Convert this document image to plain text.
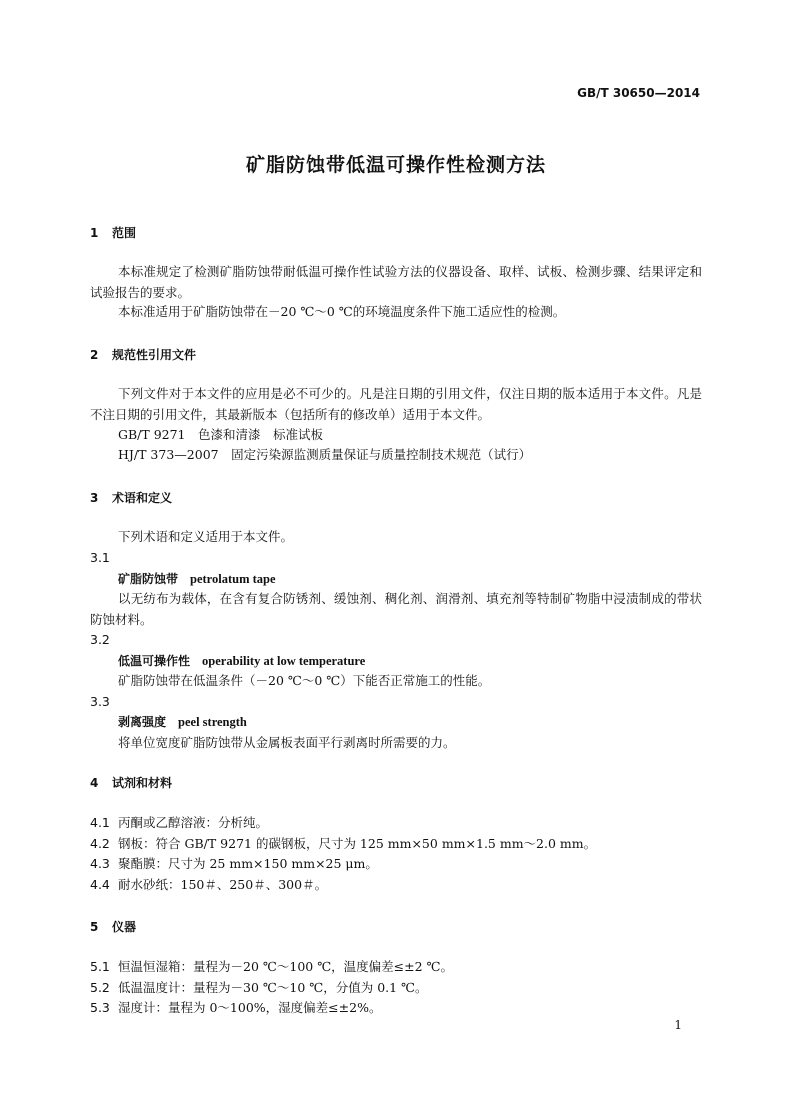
GB/T 30650—2014
矿脂防蚀带低温可操作性检测方法
1 范围
本标准规定了检测矿脂防蚀带耐低温可操作性试验方法的仪器设备、取样、试板、检测步骤、结果评定和试验报告的要求。
本标准适用于矿脂防蚀带在－20 ℃～0 ℃的环境温度条件下施工适应性的检测。
2 规范性引用文件
下列文件对于本文件的应用是必不可少的。凡是注日期的引用文件，仅注日期的版本适用于本文件。凡是不注日期的引用文件，其最新版本（包括所有的修改单）适用于本文件。
GB/T 9271　色漆和清漆　标准试板
HJ/T 373—2007　固定污染源监测质量保证与质量控制技术规范（试行）
3 术语和定义
下列术语和定义适用于本文件。
3.1
矿脂防蚀带 petrolatum tape
以无纺布为载体，在含有复合防锈剂、缓蚀剂、稠化剂、润滑剂、填充剂等特制矿物脂中浸渍制成的带状防蚀材料。
3.2
低温可操作性 operability at low temperature
矿脂防蚀带在低温条件（－20 ℃～0 ℃）下能否正常施工的性能。
3.3
剥离强度 peel strength
将单位宽度矿脂防蚀带从金属板表面平行剥离时所需要的力。
4 试剂和材料
4.1 丙酮或乙醇溶液：分析纯。
4.2 钢板：符合 GB/T 9271 的碳钢板，尺寸为 125 mm×50 mm×1.5 mm～2.0 mm。
4.3 聚酯膜：尺寸为 25 mm×150 mm×25 μm。
4.4 耐水砂纸：150＃、250＃、300＃。
5 仪器
5.1 恒温恒湿箱：量程为－20 ℃～100 ℃，温度偏差≤±2 ℃。
5.2 低温温度计：量程为－30 ℃～10 ℃，分值为 0.1 ℃。
5.3 湿度计：量程为 0～100%，湿度偏差≤±2%。
1
